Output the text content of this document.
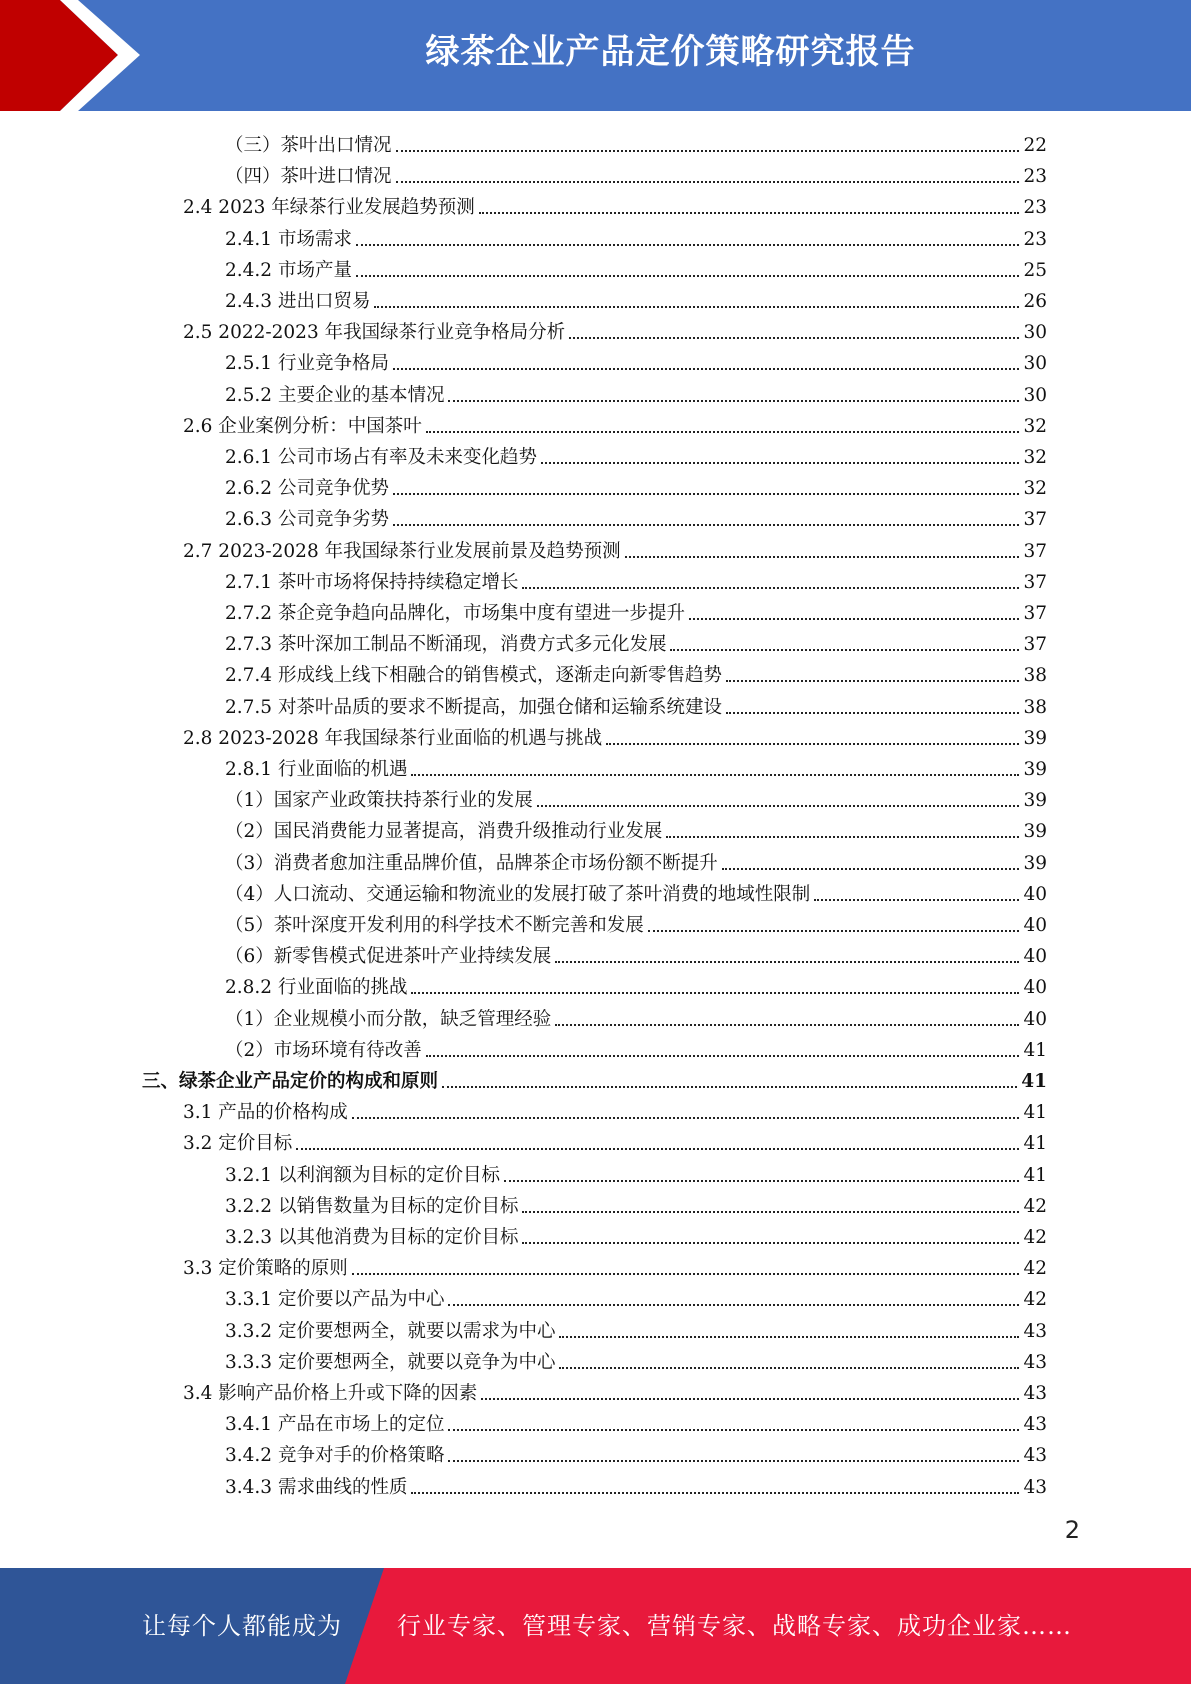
绿茶企业产品定价策略研究报告
（三）茶叶出口情况	22
（四）茶叶进口情况	23
2.4 2023 年绿茶行业发展趋势预测	23
2.4.1 市场需求	23
2.4.2 市场产量	25
2.4.3 进出口贸易	26
2.5 2022-2023 年我国绿茶行业竞争格局分析	30
2.5.1 行业竞争格局	30
2.5.2 主要企业的基本情况	30
2.6 企业案例分析：中国茶叶	32
2.6.1 公司市场占有率及未来变化趋势	32
2.6.2 公司竞争优势	32
2.6.3 公司竞争劣势	37
2.7 2023-2028 年我国绿茶行业发展前景及趋势预测	37
2.7.1 茶叶市场将保持持续稳定增长	37
2.7.2 茶企竞争趋向品牌化，市场集中度有望进一步提升	37
2.7.3 茶叶深加工制品不断涌现，消费方式多元化发展	37
2.7.4 形成线上线下相融合的销售模式，逐渐走向新零售趋势	38
2.7.5 对茶叶品质的要求不断提高，加强仓储和运输系统建设	38
2.8 2023-2028 年我国绿茶行业面临的机遇与挑战	39
2.8.1 行业面临的机遇	39
（1）国家产业政策扶持茶行业的发展	39
（2）国民消费能力显著提高，消费升级推动行业发展	39
（3）消费者愈加注重品牌价值，品牌茶企市场份额不断提升	39
（4）人口流动、交通运输和物流业的发展打破了茶叶消费的地域性限制	40
（5）茶叶深度开发利用的科学技术不断完善和发展	40
（6）新零售模式促进茶叶产业持续发展	40
2.8.2 行业面临的挑战	40
（1）企业规模小而分散，缺乏管理经验	40
（2）市场环境有待改善	41
三、绿茶企业产品定价的构成和原则	41
3.1 产品的价格构成	41
3.2 定价目标	41
3.2.1 以利润额为目标的定价目标	41
3.2.2 以销售数量为目标的定价目标	42
3.2.3 以其他消费为目标的定价目标	42
3.3 定价策略的原则	42
3.3.1 定价要以产品为中心	42
3.3.2 定价要想两全，就要以需求为中心	43
3.3.3 定价要想两全，就要以竞争为中心	43
3.4 影响产品价格上升或下降的因素	43
3.4.1 产品在市场上的定位	43
3.4.2 竞争对手的价格策略	43
3.4.3 需求曲线的性质	43
2
让每个人都能成为 行业专家、管理专家、营销专家、战略专家、成功企业家……
